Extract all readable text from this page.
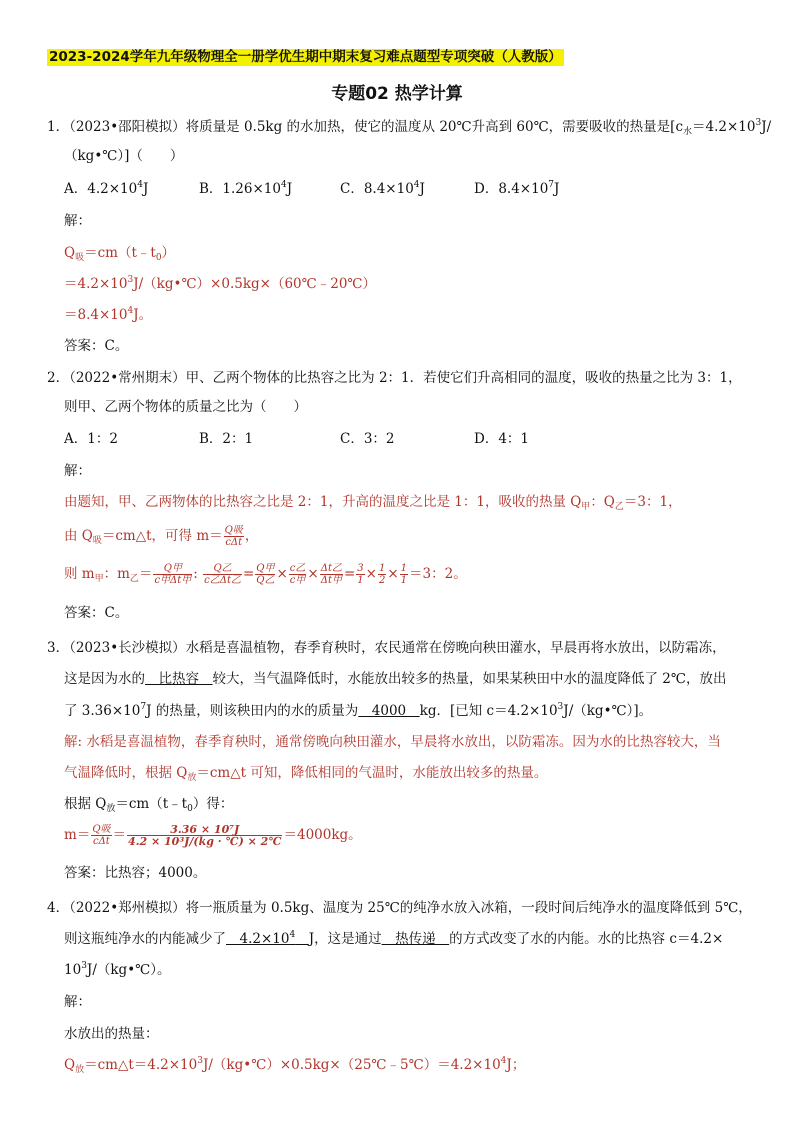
2023-2024学年九年级物理全一册学优生期中期末复习难点题型专项突破（人教版）
专题02 热学计算
1．（2023•邵阳模拟）将质量是 0.5kg 的水加热，使它的温度从 20℃升高到 60℃，需要吸收的热量是[$c_水=4.2\times 10^3J/$
（kg•℃）]（　　）
A．$4.2\times 10^4J$	B．$1.26\times 10^4J$	C．$8.4\times 10^4J$	D．$8.4\times 10^7J$
解：
$Q_吸=cm(t﹣t_0)$
$=4.2\times 10^3J/(kg•℃)\times 0.5kg\times(60℃﹣20℃)$
$=8.4\times 10^4J$。
答案：C。
2．（2022•常州期末）甲、乙两个物体的比热容之比为 2：1．若使它们升高相同的温度，吸收的热量之比为 3：1，
则甲、乙两个物体的质量之比为（　　）
A．1：2	B．2：1	C．3：2	D．4：1
解：
由题知，甲、乙两物体的比热容之比是 2：1，升高的温度之比是 1：1，吸收的热量 $Q_甲$：$Q_乙=3$：1，
由 $Q_吸=cm\triangle t$，可得 $m= \frac{\text{Q吸}}{\text{cΔt}}$ ，
则 $m_甲$：$m_乙= \frac{\text{Q甲}}{\text{c甲Δt甲}}$ : $\frac{\text{Q乙}}{\text{c乙Δt乙}} = \frac{\text{Q甲}}{\text{Q乙}} \times \frac{\text{c乙}}{\text{c甲}} \times \frac{\text{Δt乙}}{\text{Δt甲}} = \frac{3}{1} \times \frac{1}{2} \times \frac{1}{1} =3$：2。
答案：C。
3．（2023•长沙模拟）水稻是喜温植物，春季育秧时，农民通常在傍晚向秧田灌水，早晨再将水放出，以防霜冻，
这是因为水的　比热容　较大，当气温降低时，水能放出较多的热量，如果某秧田中水的温度降低了 2℃，放出
了 $3.36\times 10^7J$ 的热量，则该秧田内的水的质量为　4000　kg．[已知 $c=4.2\times 10^3J/(kg•℃)$]。
解: 水稻是喜温植物，春季育秧时，通常傍晚向秧田灌水，早晨将水放出，以防霜冻。因为水的比热容较大，当
气温降低时，根据 $Q_放=cm\triangle t$ 可知，降低相同的气温时，水能放出较多的热量。
根据 $Q_放=cm(t﹣t_0)$得：
$m= \frac{\text{Q吸}}{\text{cΔt}} = \frac{\text{3.36 × 10⁷J}}{\text{4.2 × 10³J/(kg · ℃) × 2℃}} =4000kg$。
答案：比热容；4000。
4．（2022•郑州模拟）将一瓶质量为 0.5kg、温度为 25℃的纯净水放入冰箱，一段时间后纯净水的温度降低到 5℃，
则这瓶纯净水的内能减少了　$4.2\times 10^4$　 J，这是通过　热传递　的方式改变了水的内能。水的比热容 c＝4.2×
$10^3J/(kg•℃)$。
解：
水放出的热量：
$Q_放=cm\triangle t=4.2\times 10^3J/(kg•℃)\times 0.5kg\times(25℃﹣5℃)=4.2\times 10^4J$；
